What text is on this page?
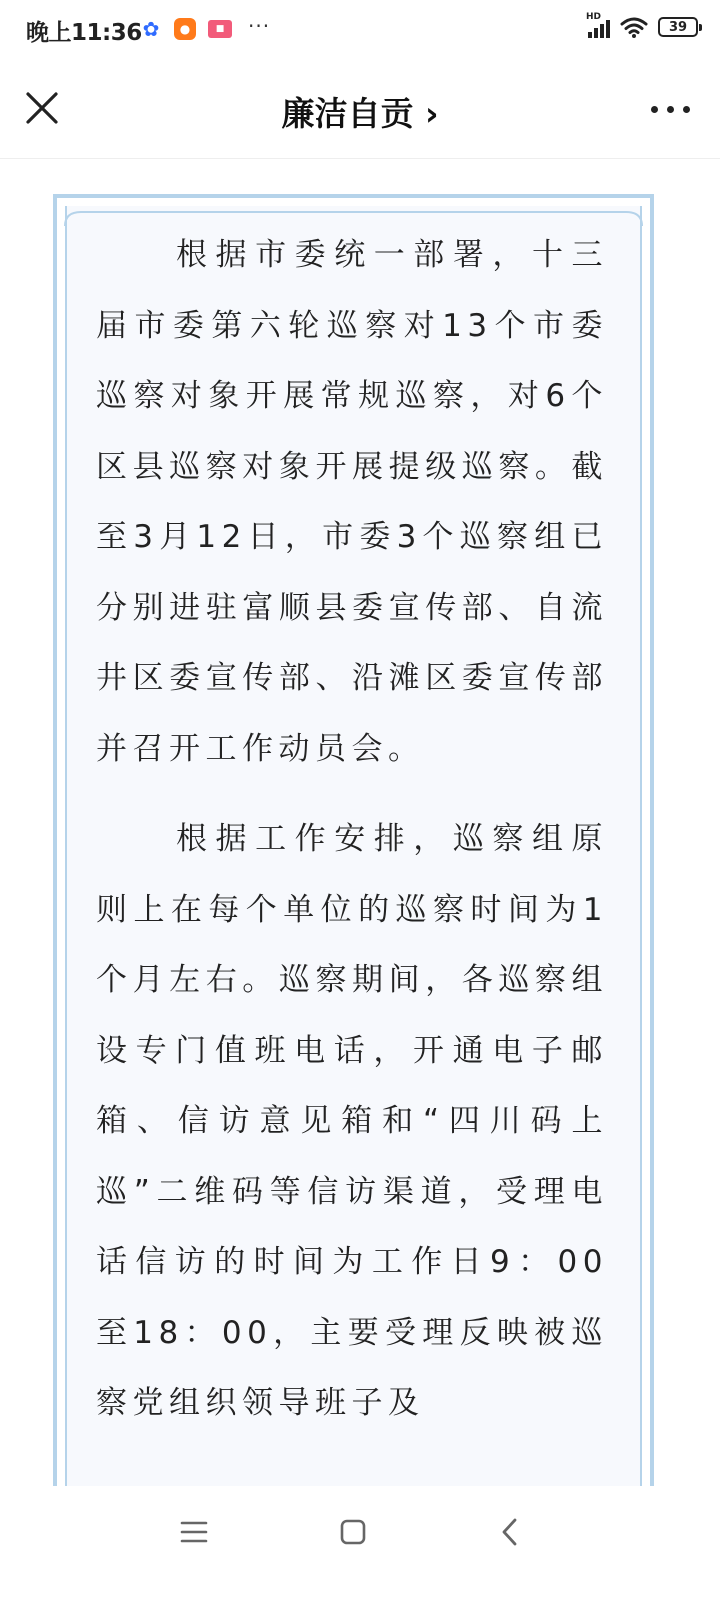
晚上11:36 ✿	●	■	···	HD
39
廉洁自贡 ›

根据市委统一部署，十三届市委第六轮巡察对13个市委巡察对象开展常规巡察，对6个区县巡察对象开展提级巡察。截至3月12日，市委3个巡察组已分别进驻富顺县委宣传部、自流井区委宣传部、沿滩区委宣传部并召开工作动员会。

根据工作安排，巡察组原则上在每个单位的巡察时间为1个月左右。巡察期间，各巡察组设专门值班电话，开通电子邮箱、信访意见箱和“四川码上巡”二维码等信访渠道，受理电话信访的时间为工作日9：00至18：00，主要受理反映被巡察党组织领导班子及
